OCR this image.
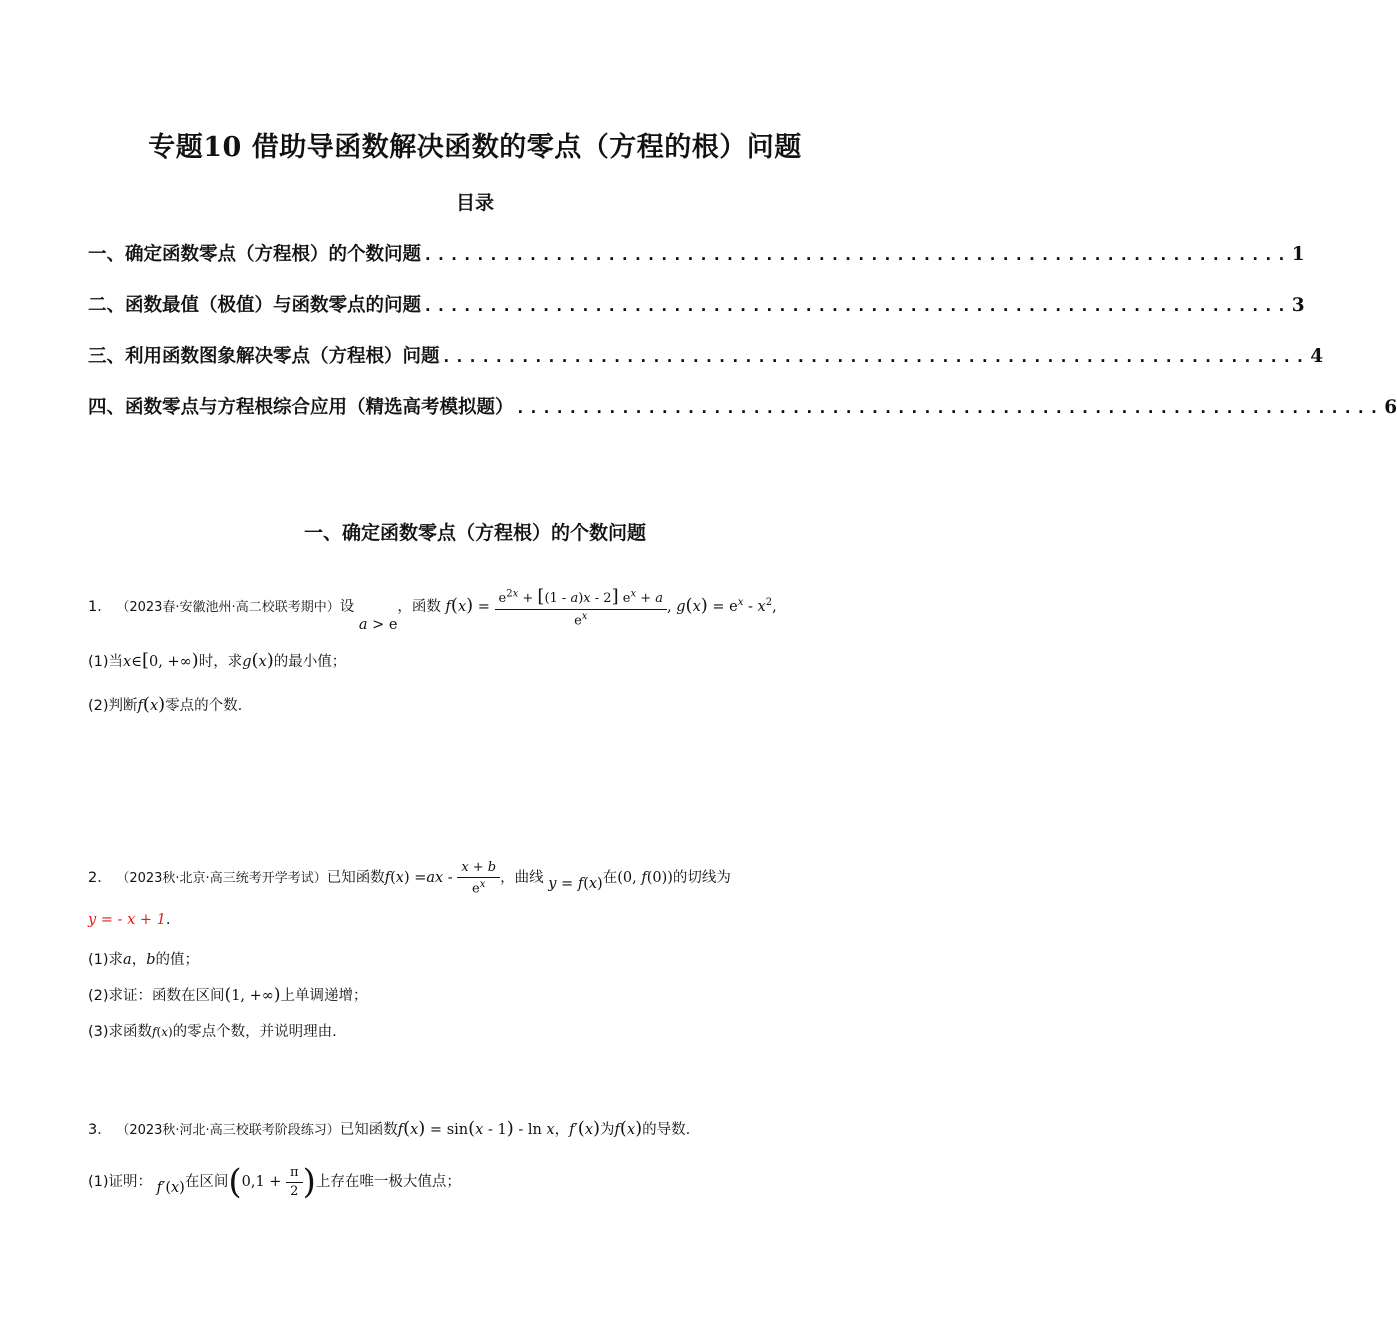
专题10 借助导函数解决函数的零点（方程的根）问题
目录
一、确定函数零点（方程根）的个数问题 .................................................................. 1
二、函数最值（极值）与函数零点的问题 .................................................................. 3
三、利用函数图象解决零点（方程根）问题 .................................................................. 4
四、函数零点与方程根综合应用（精选高考模拟题） .................................................................. 6
一、确定函数零点（方程根）的个数问题
1． （2023春·安徽池州·高二校联考期中）设 a > e，函数 $f(x) = \frac{e^{2x} + [(1 - a)x - 2] e^x + a}{e^x}$ , $g(x) = e^x - x^2$,
(1)当x∈[0, +∞)时，求g(x)的最小值；
(2)判断f(x)零点的个数.
2． （2023秋·北京·高三统考开学考试）已知函数$f(x) =ax - \frac{x + b}{e^x}$ ，曲线 y = f(x)在(0, f(0))的切线为
y = - x + 1.
(1)求a，b的值；
(2)求证：函数在区间(1, +∞)上单调递增；
(3)求函数f(x)的零点个数，并说明理由.
3． （2023秋·河北·高三校联考阶段练习）已知函数f(x) = sin(x - 1) - ln x，f′(x)为f(x)的导数.
(1)证明： f′(x)在区间($0,1 + \frac{\pi}{2}$ )上存在唯一极大值点；
